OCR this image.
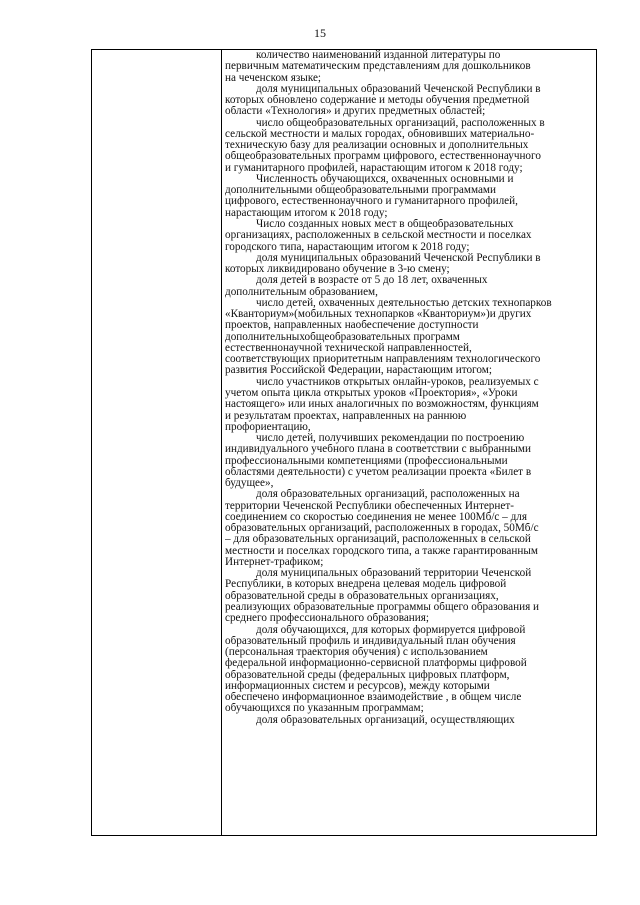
15
количество наименований изданной литературы по
первичным математическим представлениям для дошкольников
на чеченском языке;
доля муниципальных образований Чеченской Республики в
которых обновлено содержание и методы обучения предметной
области «Технология» и других предметных областей;
число общеобразовательных организаций, расположенных в
сельской местности и малых городах, обновивших материально-
техническую базу для реализации основных и дополнительных
общеобразовательных программ цифрового, естественнонаучного
и гуманитарного профилей, нарастающим итогом к 2018 году;
Численность обучающихся, охваченных основными и
дополнительными общеобразовательными программами
цифрового, естественнонаучного и гуманитарного профилей,
нарастающим итогом к 2018 году;
Число созданных новых мест в общеобразовательных
организациях, расположенных в сельской местности и поселках
городского типа, нарастающим итогом к 2018 году;
доля муниципальных образований Чеченской Республики в
которых ликвидировано обучение в 3-ю смену;
доля детей в возрасте от 5 до 18 лет, охваченных
дополнительным образованием,
число детей, охваченных деятельностью детских технопарков
«Кванториум»(мобильных технопарков «Кванториум»)и других
проектов, направленных наобеспечение доступности
дополнительныхобщеобразовательных программ
естественнонаучной технической направленностей,
соответствующих приоритетным направлениям технологического
развития Российской Федерации, нарастающим итогом;
число участников открытых онлайн-уроков, реализуемых с
учетом опыта цикла открытых уроков «Проектория», «Уроки
настоящего» или иных аналогичных по возможностям, функциям
и результатам проектах, направленных на раннюю
профориентацию,
число детей, получивших рекомендации по построению
индивидуального учебного плана в соответствии с выбранными
профессиональными компетенциями (профессиональными
областями деятельности) с учетом реализации проекта «Билет в
будущее»,
доля образовательных организаций, расположенных на
территории Чеченской Республики обеспеченных Интернет-
соединением со скоростью соединения не менее 100Мб/с – для
образовательных организаций, расположенных в городах, 50Мб/с
– для образовательных организаций, расположенных в сельской
местности и поселках городского типа, а также гарантированным
Интернет-трафиком;
доля муниципальных образований территории Чеченской
Республики, в которых внедрена целевая модель цифровой
образовательной среды в образовательных организациях,
реализующих образовательные программы общего образования и
среднего профессионального образования;
доля обучающихся, для которых формируется цифровой
образовательный профиль и индивидуальный план обучения
(персональная траектория обучения) с использованием
федеральной информационно-сервисной платформы цифровой
образовательной среды (федеральных цифровых платформ,
информационных систем и ресурсов), между которыми
обеспечено информационное взаимодействие , в общем числе
обучающихся по указанным программам;
доля образовательных организаций, осуществляющих
